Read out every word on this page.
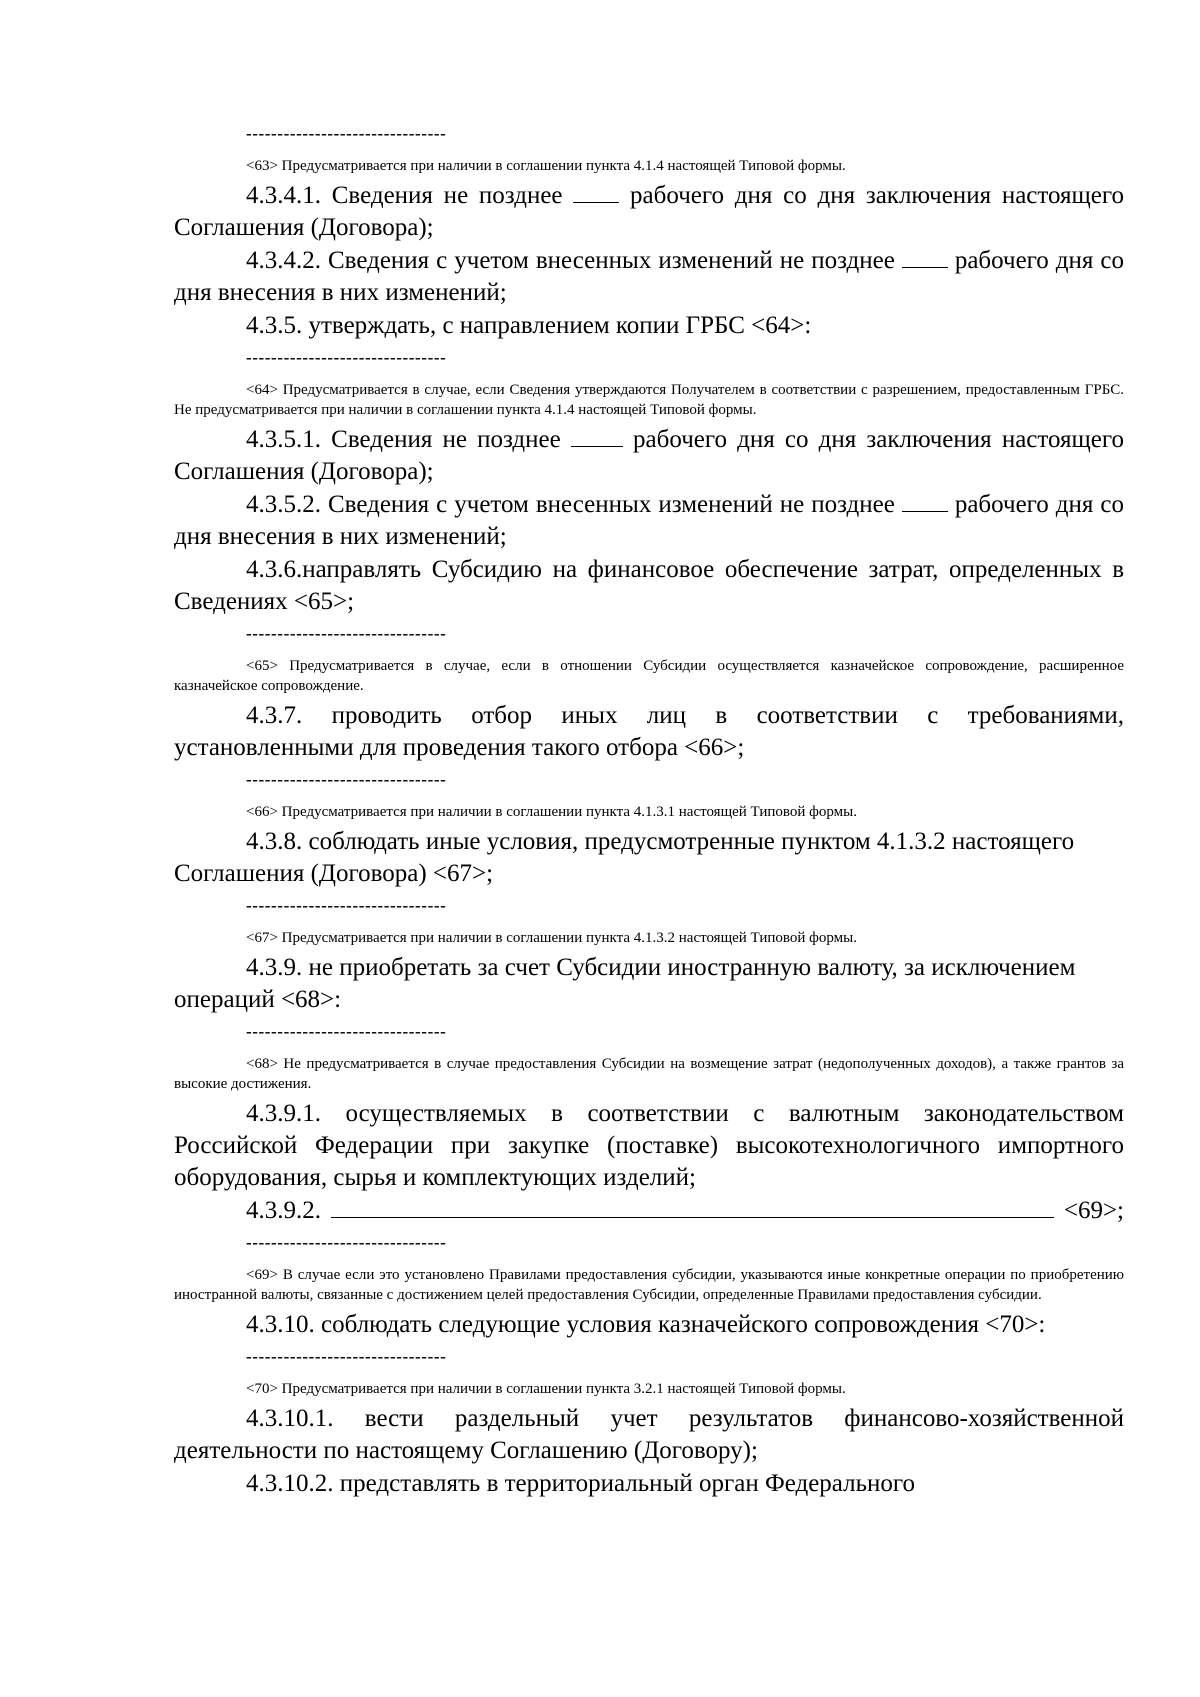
--------------------------------
<63> Предусматривается при наличии в соглашении пункта 4.1.4 настоящей Типовой формы.
4.3.4.1. Сведения не позднее  рабочего дня со дня заключения настоящего Соглашения (Договора);
4.3.4.2. Сведения с учетом внесенных изменений не позднее  рабочего дня со дня внесения в них изменений;
4.3.5. утверждать, с направлением копии ГРБС <64>:
--------------------------------
<64> Предусматривается в случае, если Сведения утверждаются Получателем в соответствии с разрешением, предоставленным ГРБС. Не предусматривается при наличии в соглашении пункта 4.1.4 настоящей Типовой формы.
4.3.5.1. Сведения не позднее  рабочего дня со дня заключения настоящего Соглашения (Договора);
4.3.5.2. Сведения с учетом внесенных изменений не позднее  рабочего дня со дня внесения в них изменений;
4.3.6.направлять Субсидию на финансовое обеспечение затрат, определенных в Сведениях <65>;
--------------------------------
<65> Предусматривается в случае, если в отношении Субсидии осуществляется казначейское сопровождение, расширенное казначейское сопровождение.
4.3.7. проводить отбор иных лиц в соответствии с требованиями, установленными для проведения такого отбора <66>;
--------------------------------
<66> Предусматривается при наличии в соглашении пункта 4.1.3.1 настоящей Типовой формы.
4.3.8. соблюдать иные условия, предусмотренные пунктом 4.1.3.2 настоящего Соглашения (Договора) <67>;
--------------------------------
<67> Предусматривается при наличии в соглашении пункта 4.1.3.2 настоящей Типовой формы.
4.3.9. не приобретать за счет Субсидии иностранную валюту, за исключением операций <68>:
--------------------------------
<68> Не предусматривается в случае предоставления Субсидии на возмещение затрат (недополученных доходов), а также грантов за высокие достижения.
4.3.9.1. осуществляемых в соответствии с валютным законодательством Российской Федерации при закупке (поставке) высокотехнологичного импортного оборудования, сырья и комплектующих изделий;
4.3.9.2.	<69>;
--------------------------------
<69> В случае если это установлено Правилами предоставления субсидии, указываются иные конкретные операции по приобретению иностранной валюты, связанные с достижением целей предоставления Субсидии, определенные Правилами предоставления субсидии.
4.3.10. соблюдать следующие условия казначейского сопровождения <70>:
--------------------------------
<70> Предусматривается при наличии в соглашении пункта 3.2.1 настоящей Типовой формы.
4.3.10.1. вести раздельный учет результатов финансово-хозяйственной деятельности по настоящему Соглашению (Договору);
4.3.10.2. представлять в территориальный орган Федерального
